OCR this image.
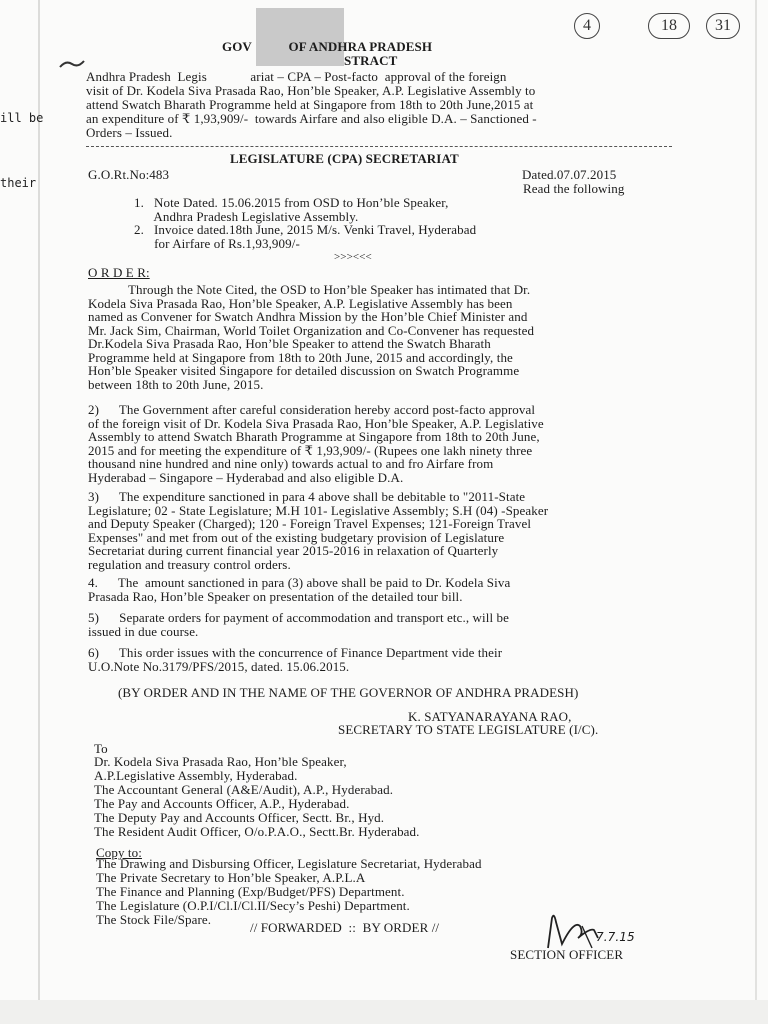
ill be
their
4	18	31
GOV           OF ANDHRA PRADESH
STRACT
Andhra Pradesh  Legis             ariat – CPA – Post-facto  approval of the foreign
visit of Dr. Kodela Siva Prasada Rao, Hon’ble Speaker, A.P. Legislative Assembly to
attend Swatch Bharath Programme held at Singapore from 18th to 20th June,2015 at
an expenditure of ₹ 1,93,909/-  towards Airfare and also eligible D.A. – Sanctioned -
Orders – Issued.
LEGISLATURE (CPA) SECRETARIAT
G.O.Rt.No:483	Dated.07.07.2015
Read the following
1.   Note Dated. 15.06.2015 from OSD to Hon’ble Speaker,
Andhra Pradesh Legislative Assembly.
2.   Invoice dated.18th June, 2015 M/s. Venki Travel, Hyderabad
for Airfare of Rs.1,93,909/-
>>><<<
O R D E R:
Through the Note Cited, the OSD to Hon’ble Speaker has intimated that Dr.
Kodela Siva Prasada Rao, Hon’ble Speaker, A.P. Legislative Assembly has been
named as Convener for Swatch Andhra Mission by the Hon’ble Chief Minister and
Mr. Jack Sim, Chairman, World Toilet Organization and Co-Convener has requested
Dr.Kodela Siva Prasada Rao, Hon’ble Speaker to attend the Swatch Bharath
Programme held at Singapore from 18th to 20th June, 2015 and accordingly, the
Hon’ble Speaker visited Singapore for detailed discussion on Swatch Programme
between 18th to 20th June, 2015.
2)      The Government after careful consideration hereby accord post-facto approval
of the foreign visit of Dr. Kodela Siva Prasada Rao, Hon’ble Speaker, A.P. Legislative
Assembly to attend Swatch Bharath Programme at Singapore from 18th to 20th June,
2015 and for meeting the expenditure of ₹ 1,93,909/- (Rupees one lakh ninety three
thousand nine hundred and nine only) towards actual to and fro Airfare from
Hyderabad – Singapore – Hyderabad and also eligible D.A.
3)      The expenditure sanctioned in para 4 above shall be debitable to "2011-State
Legislature; 02 - State Legislature; M.H 101- Legislative Assembly; S.H (04) -Speaker
and Deputy Speaker (Charged); 120 - Foreign Travel Expenses; 121-Foreign Travel
Expenses" and met from out of the existing budgetary provision of Legislature
Secretariat during current financial year 2015-2016 in relaxation of Quarterly
regulation and treasury control orders.
4.      The  amount sanctioned in para (3) above shall be paid to Dr. Kodela Siva
Prasada Rao, Hon’ble Speaker on presentation of the detailed tour bill.
5)      Separate orders for payment of accommodation and transport etc., will be
issued in due course.
6)      This order issues with the concurrence of Finance Department vide their
U.O.Note No.3179/PFS/2015, dated. 15.06.2015.
(BY ORDER AND IN THE NAME OF THE GOVERNOR OF ANDHRA PRADESH)
K. SATYANARAYANA RAO,
SECRETARY TO STATE LEGISLATURE (I/C).
To
Dr. Kodela Siva Prasada Rao, Hon’ble Speaker,
A.P.Legislative Assembly, Hyderabad.
The Accountant General (A&E/Audit), A.P., Hyderabad.
The Pay and Accounts Officer, A.P., Hyderabad.
The Deputy Pay and Accounts Officer, Sectt. Br., Hyd.
The Resident Audit Officer, O/o.P.A.O., Sectt.Br. Hyderabad.
Copy to:
The Drawing and Disbursing Officer, Legislature Secretariat, Hyderabad
The Private Secretary to Hon’ble Speaker, A.P.L.A
The Finance and Planning (Exp/Budget/PFS) Department.
The Legislature (O.P.I/Cl.I/Cl.II/Secy’s Peshi) Department.
The Stock File/Spare.
// FORWARDED  ::  BY ORDER //
7.7.15
SECTION OFFICER
